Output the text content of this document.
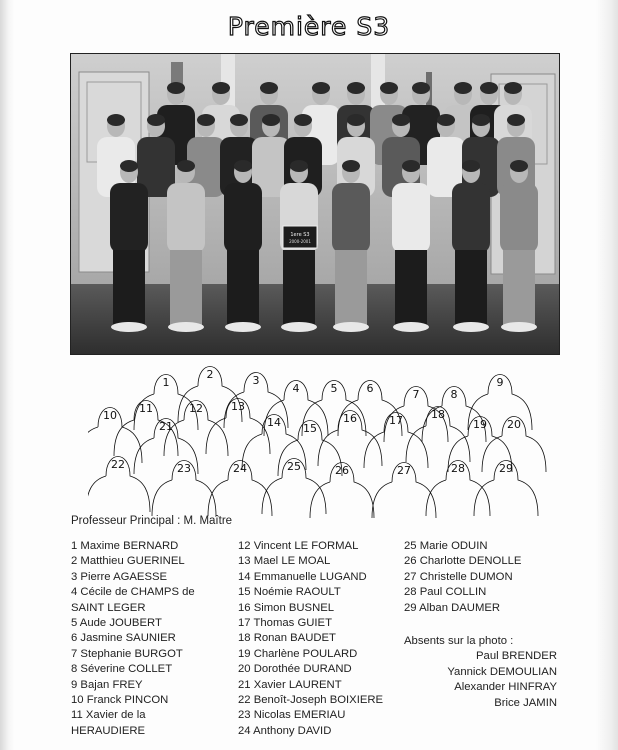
Première S3
1ere S3
2000-2001
1
2	3
4	5	6	7	8
9
10
11	12	13
14 15
16	17	18
19 20
21
22	23	24	25	26	27	28	29
Professeur Principal : M. Maître
1 Maxime BERNARD
2 Matthieu GUERINEL
3 Pierre AGAESSE
4 Cécile de CHAMPS de
SAINT LEGER
5 Aude JOUBERT
6 Jasmine SAUNIER
7 Stephanie BURGOT
8 Séverine COLLET
9 Bajan FREY
10 Franck PINCON
11 Xavier de la
HERAUDIERE
12 Vincent LE FORMAL
13 Mael LE MOAL
14 Emmanuelle LUGAND
15 Noémie RAOULT
16 Simon BUSNEL
17 Thomas GUIET
18 Ronan BAUDET
19 Charlène POULARD
20 Dorothée DURAND
21 Xavier LAURENT
22 Benoît-Joseph BOIXIERE
23 Nicolas EMERIAU
24 Anthony DAVID
25 Marie ODUIN
26 Charlotte DENOLLE
27 Christelle DUMON
28 Paul COLLIN
29 Alban DAUMER
Absents sur la photo :
Paul BRENDER
Yannick DEMOULIAN
Alexander HINFRAY
Brice JAMIN
